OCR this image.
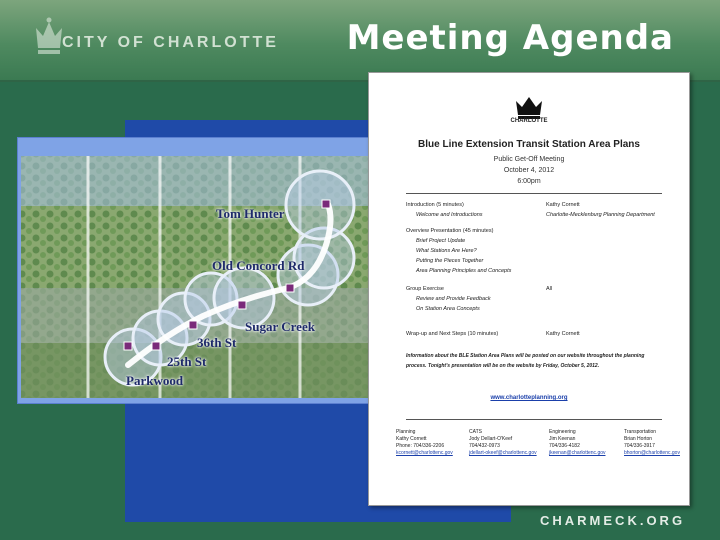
CITY OF CHARLOTTE Meeting Agenda
Tom Hunter
Old Concord Rd
Sugar Creek
36th St
25th St
Parkwood
CHARLOTTE
Blue Line Extension Transit Station Area Plans
Public Get-Off Meeting
October 4, 2012
6:00pm
Introduction (5 minutes)	Kathy Cornett
Welcome and Introductions	Charlotte-Mecklenburg Planning Department
Overview Presentation (45 minutes)
Brief Project Update
What Stations Are Here?
Putting the Pieces Together
Area Planning Principles and Concepts
Group Exercise	All
Review and Provide Feedback
On Station Area Concepts
Wrap-up and Next Steps (10 minutes)	Kathy Cornett
Information about the BLE Station Area Plans will be posted on our website throughout the planning process. Tonight's presentation will be on the website by Friday, October 5, 2012.
www.charlotteplanning.org
Planning
Kathy Cornett
Phone: 704/336-2206
kcornett@charlottenc.gov
CATS
Jody Dellart-O'Keef
704/432-0973
jdellart-okeef@charlottenc.gov
Engineering
Jim Keenan
704/336-4182
jkeenan@charlottenc.gov
Transportation
Brian Horton
704/336-3917
bhorton@charlottenc.gov
CHARMECK.ORG
